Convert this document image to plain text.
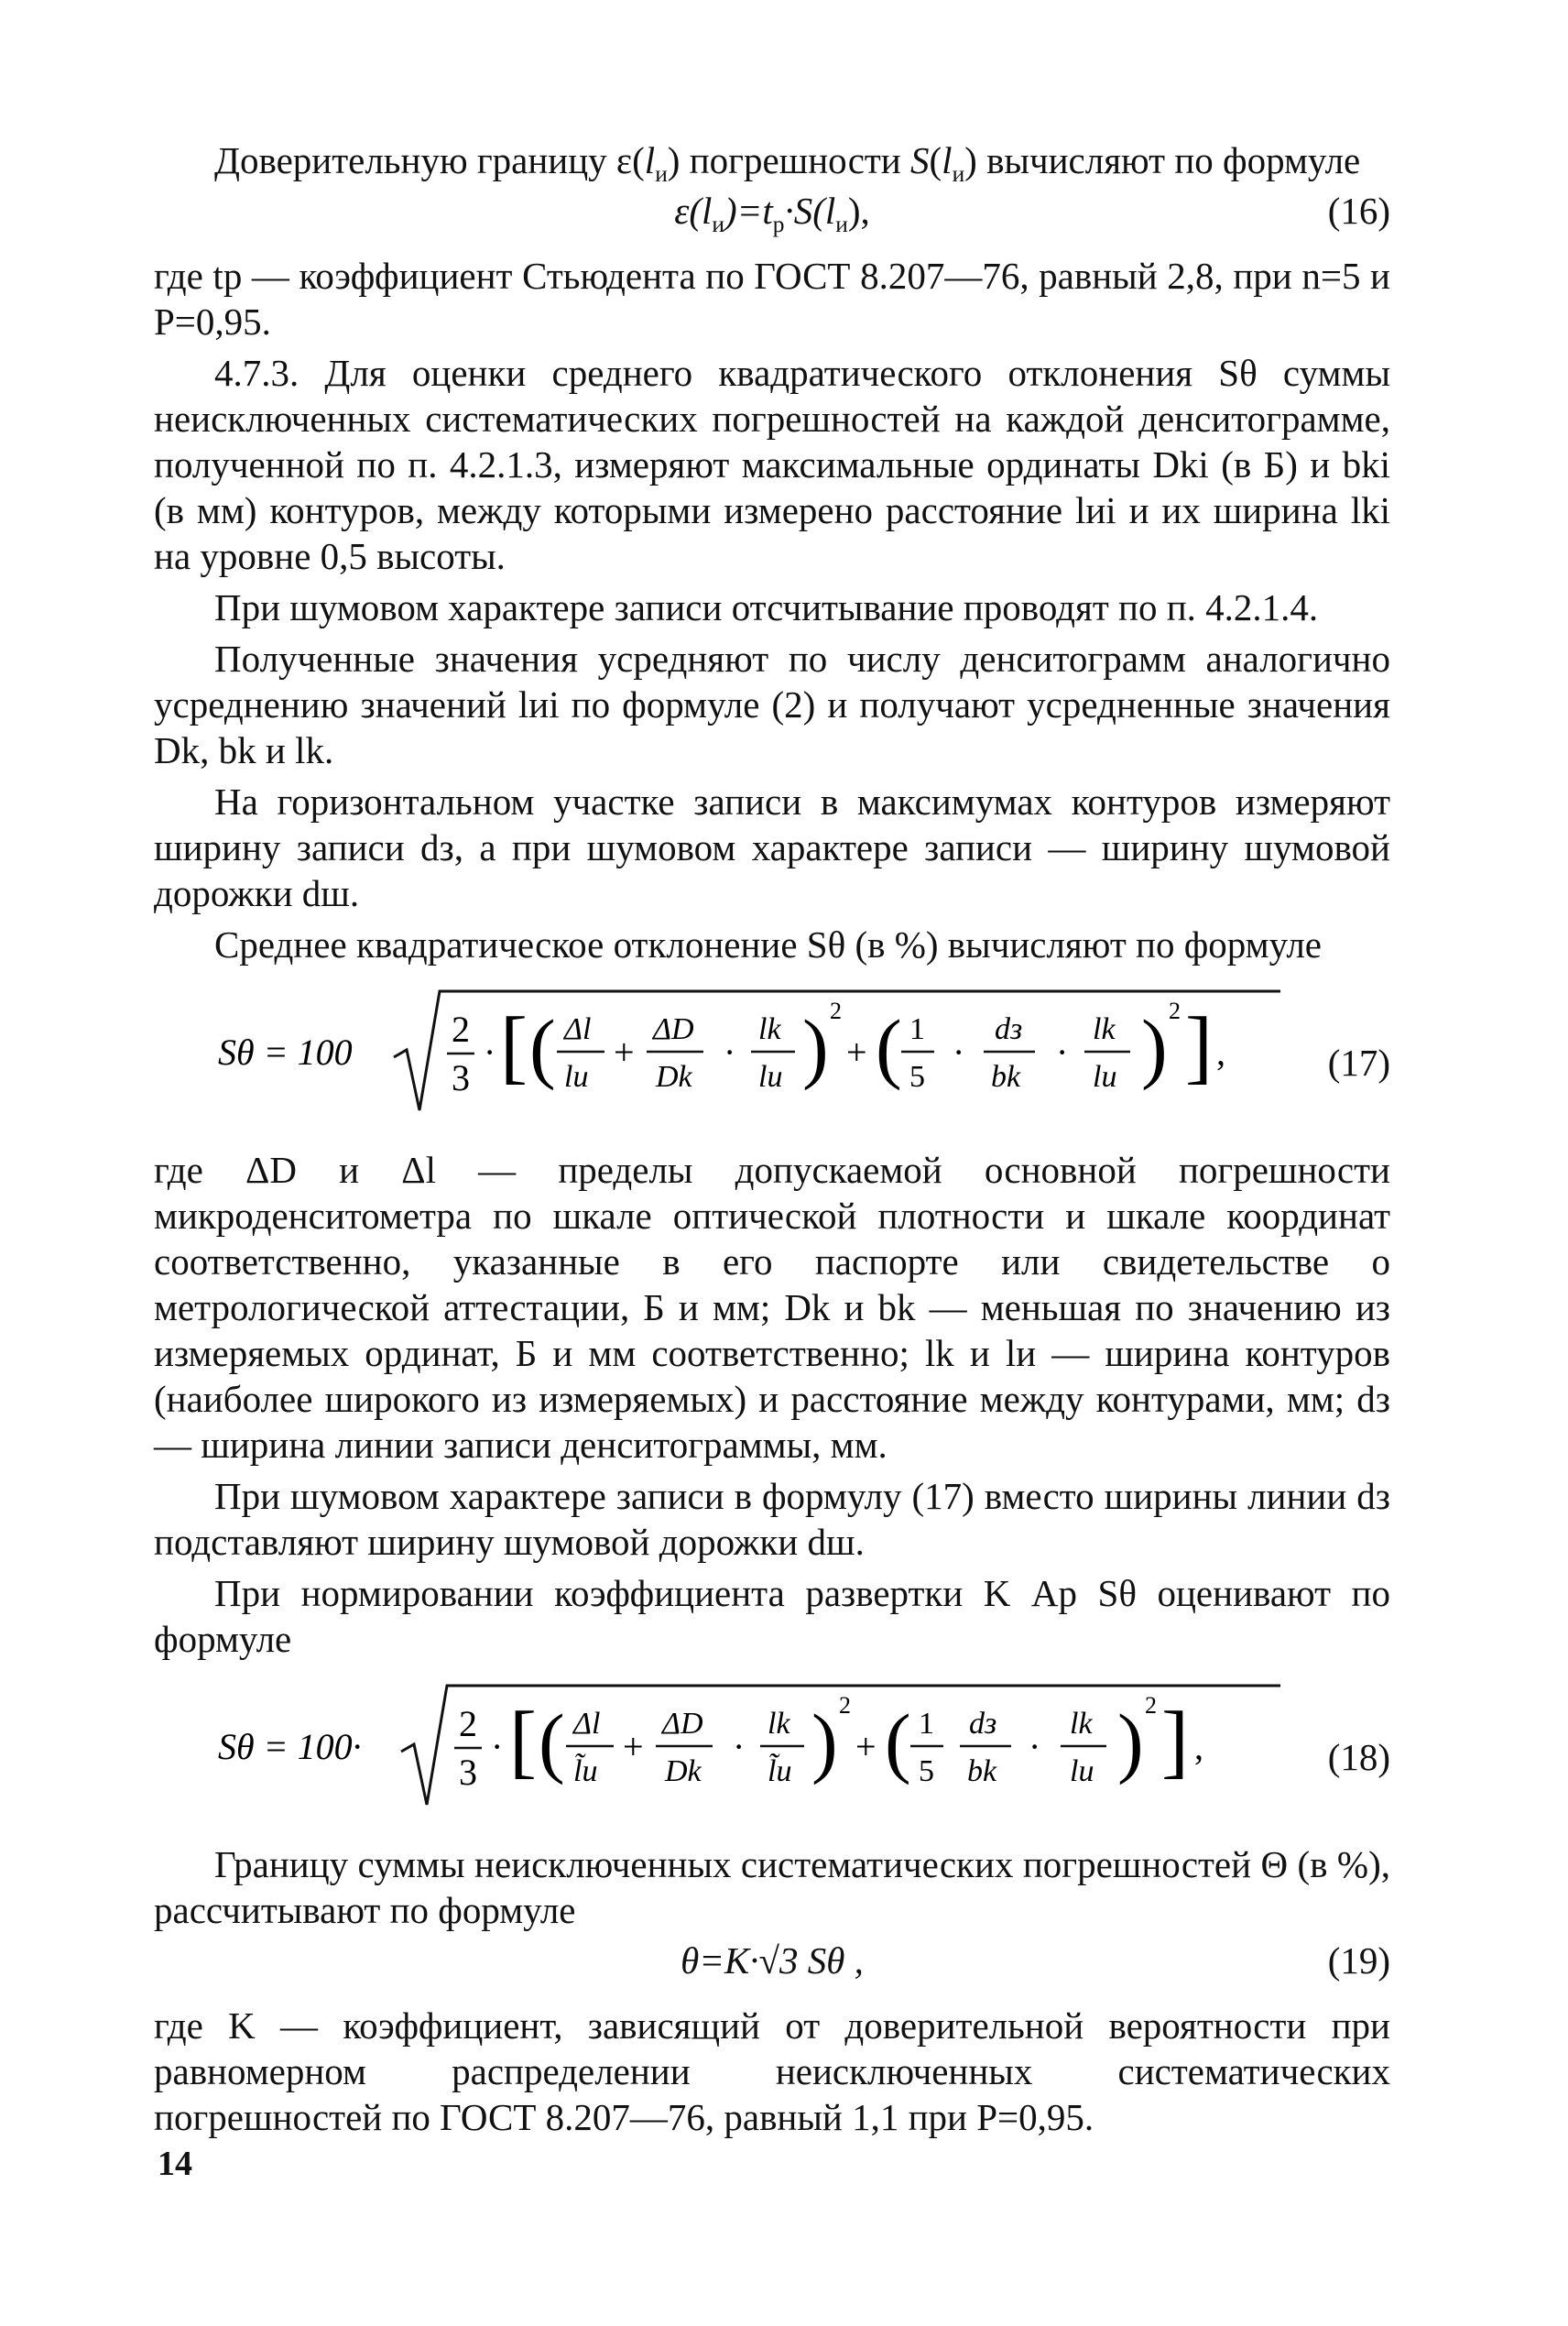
Доверительную границу $\varepsilon(l_и)$ погрешности $S(l_и)$ вычисляют по формуле

$\varepsilon(l_и)=t_р\cdot S(l_и)$,	(16)

где tр — коэффициент Стьюдента по ГОСТ 8.207—76, равный 2,8, при n=5 и P=0,95.

4.7.3. Для оценки среднего квадратического отклонения Sθ суммы неисключенных систематических погрешностей на каждой денситограмме, полученной по п. 4.2.1.3, измеряют максимальные ординаты Dki (в Б) и bki (в мм) контуров, между которыми измерено расстояние lиi и их ширина lki на уровне 0,5 высоты.

При шумовом характере записи отсчитывание проводят по п. 4.2.1.4.

Полученные значения усредняют по числу денситограмм аналогично усреднению значений lиi по формуле (2) и получают усредненные значения Dk, bk и lk.

На горизонтальном участке записи в максимумах контуров измеряют ширину записи dз, а при шумовом характере записи — ширину шумовой дорожки dш.

Среднее квадратическое отклонение Sθ (в %) вычисляют по формуле

Sθ = 100
2
3
· [ ( Δl
lи
+
ΔD
Dk
·
lk
lи ) 2
+ ( 1
5
·
dз
bk
·
lk
lи ) 2 ] ,	(17)

где ΔD и Δl — пределы допускаемой основной погрешности микроденситометра по шкале оптической плотности и шкале координат соответственно, указанные в его паспорте или свидетельстве о метрологической аттестации, Б и мм; Dk и bk — меньшая по значению из измеряемых ординат, Б и мм соответственно; lk и lи — ширина контуров (наиболее широкого из измеряемых) и расстояние между контурами, мм; dз — ширина линии записи денситограммы, мм.

При шумовом характере записи в формулу (17) вместо ширины линии dз подставляют ширину шумовой дорожки dш.

При нормировании коэффициента развертки K Ар Sθ оценивают по формуле

Sθ = 100·
2
3
· [ ( Δl
l̃и
+
ΔD
Dk
·
lk
l̃и ) 2
+ ( 1
5
dз
bk
·
lk
lи ) 2 ] ,	(18)

Границу суммы неисключенных систематических погрешностей Θ (в %), рассчитывают по формуле

θ=K·√3 Sθ ,	(19)

где K — коэффициент, зависящий от доверительной вероятности при равномерном распределении неисключенных систематических погрешностей по ГОСТ 8.207—76, равный 1,1 при P=0,95.

14
